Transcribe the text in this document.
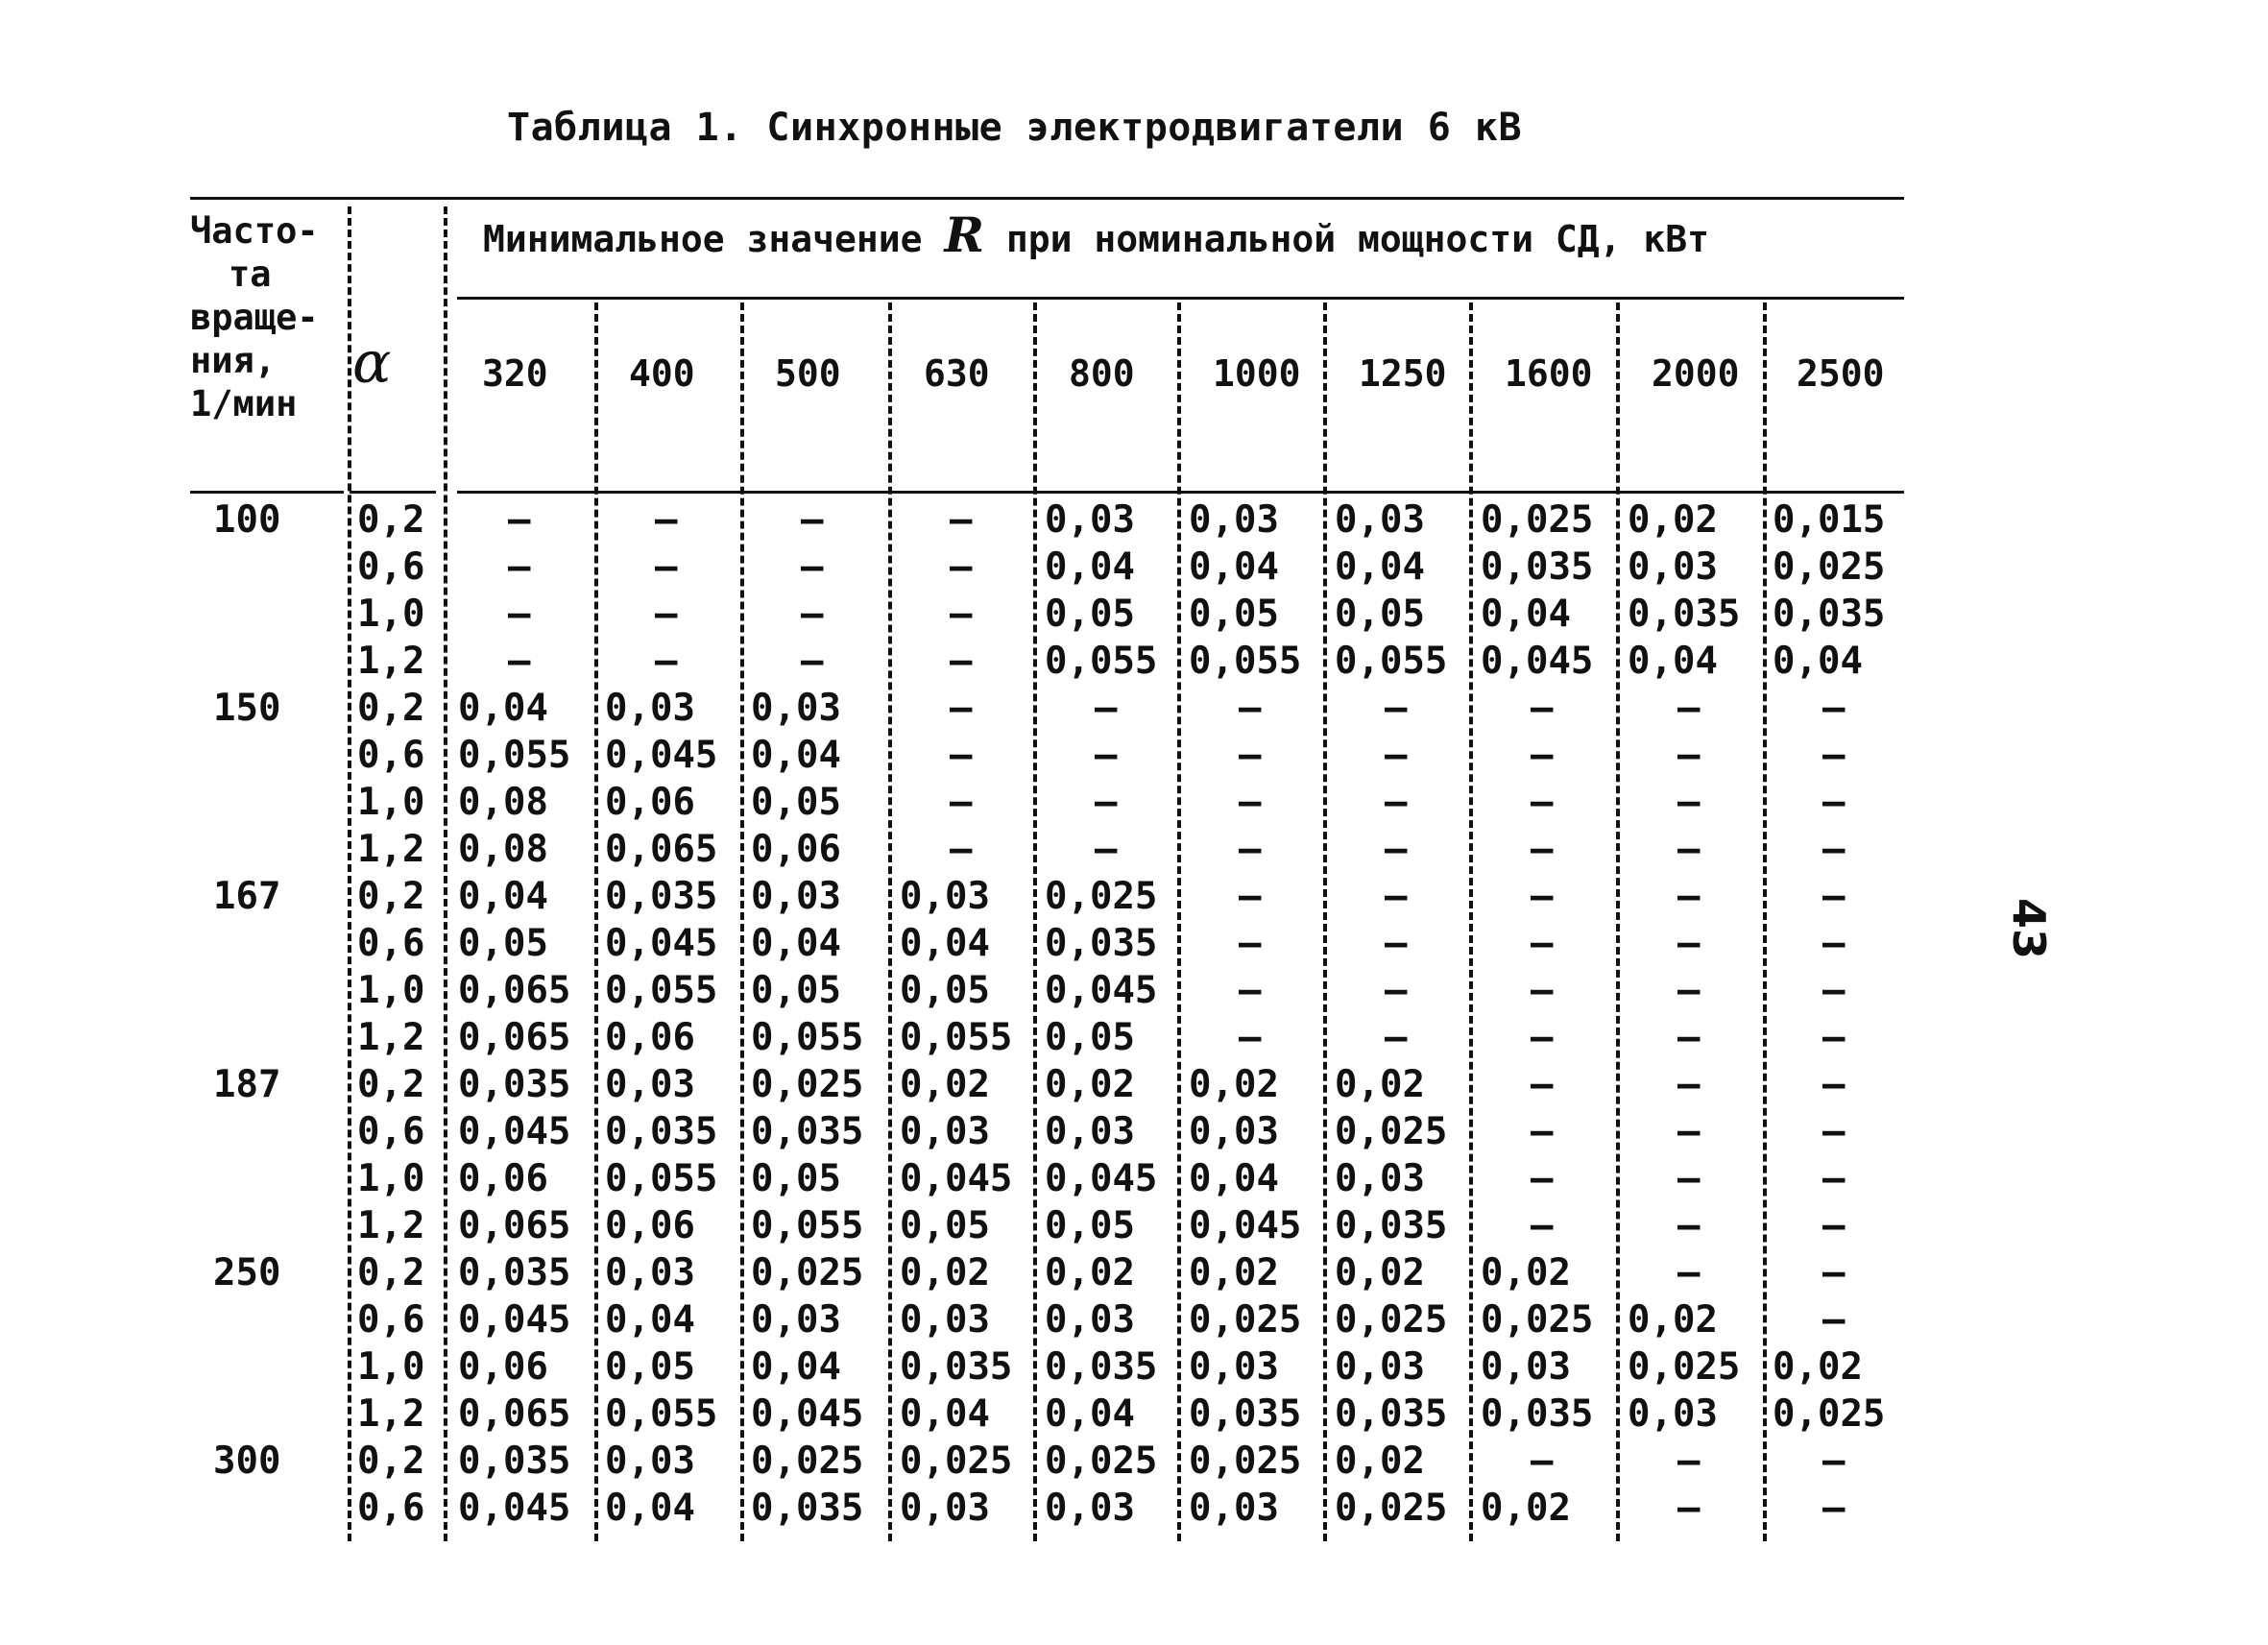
Таблица 1. Синхронные электродвигатели 6 кВ
Часто-
та
враще-
ния,
1/мин
α
Минимальное значение R при номинальной мощности СД, кВт
320 400 500 630 800 1000 1250 1600 2000 2500
100 0,2 –	–	–	– 0,03 0,03 0,03 0,025 0,02 0,015
0,6 –	–	–	– 0,04 0,04 0,04 0,035 0,03 0,025
1,0 –	–	–	– 0,05 0,05 0,05 0,04 0,035 0,035
1,2 –	–	–	– 0,055 0,055 0,055 0,045 0,04 0,04
150 0,2 0,04 0,03 0,03	–	–	–	–	–	–	–
0,6 0,055 0,045 0,04	–	–	–	–	–	–	–
1,0 0,08 0,06 0,05	–	–	–	–	–	–	–
1,2 0,08 0,065 0,06	–	–	–	–	–	–	–
167 0,2 0,04 0,035 0,03 0,03 0,025 –	–	–	–	–
0,6 0,05 0,045 0,04 0,04 0,035 –	–	–	–	–
1,0 0,065 0,055 0,05 0,05 0,045 –	–	–	–	–
1,2 0,065 0,06 0,055 0,055 0,05	–	–	–	–	–
187 0,2 0,035 0,03 0,025 0,02 0,02 0,02 0,02	–	–	–
0,6 0,045 0,035 0,035 0,03 0,03 0,03 0,025 –	–	–
1,0 0,06 0,055 0,05 0,045 0,045 0,04 0,03	–	–	–
1,2 0,065 0,06 0,055 0,05 0,05 0,045 0,035 –	–	–
250 0,2 0,035 0,03 0,025 0,02 0,02 0,02 0,02 0,02	–	–
0,6 0,045 0,04 0,03 0,03 0,03 0,025 0,025 0,025 0,02	–
1,0 0,06 0,05 0,04 0,035 0,035 0,03 0,03 0,03 0,025 0,02
1,2 0,065 0,055 0,045 0,04 0,04 0,035 0,035 0,035 0,03 0,025
300 0,2 0,035 0,03 0,025 0,025 0,025 0,025 0,02	–	–	–
0,6 0,045 0,04 0,035 0,03 0,03 0,03 0,025 0,02	–	–
43
